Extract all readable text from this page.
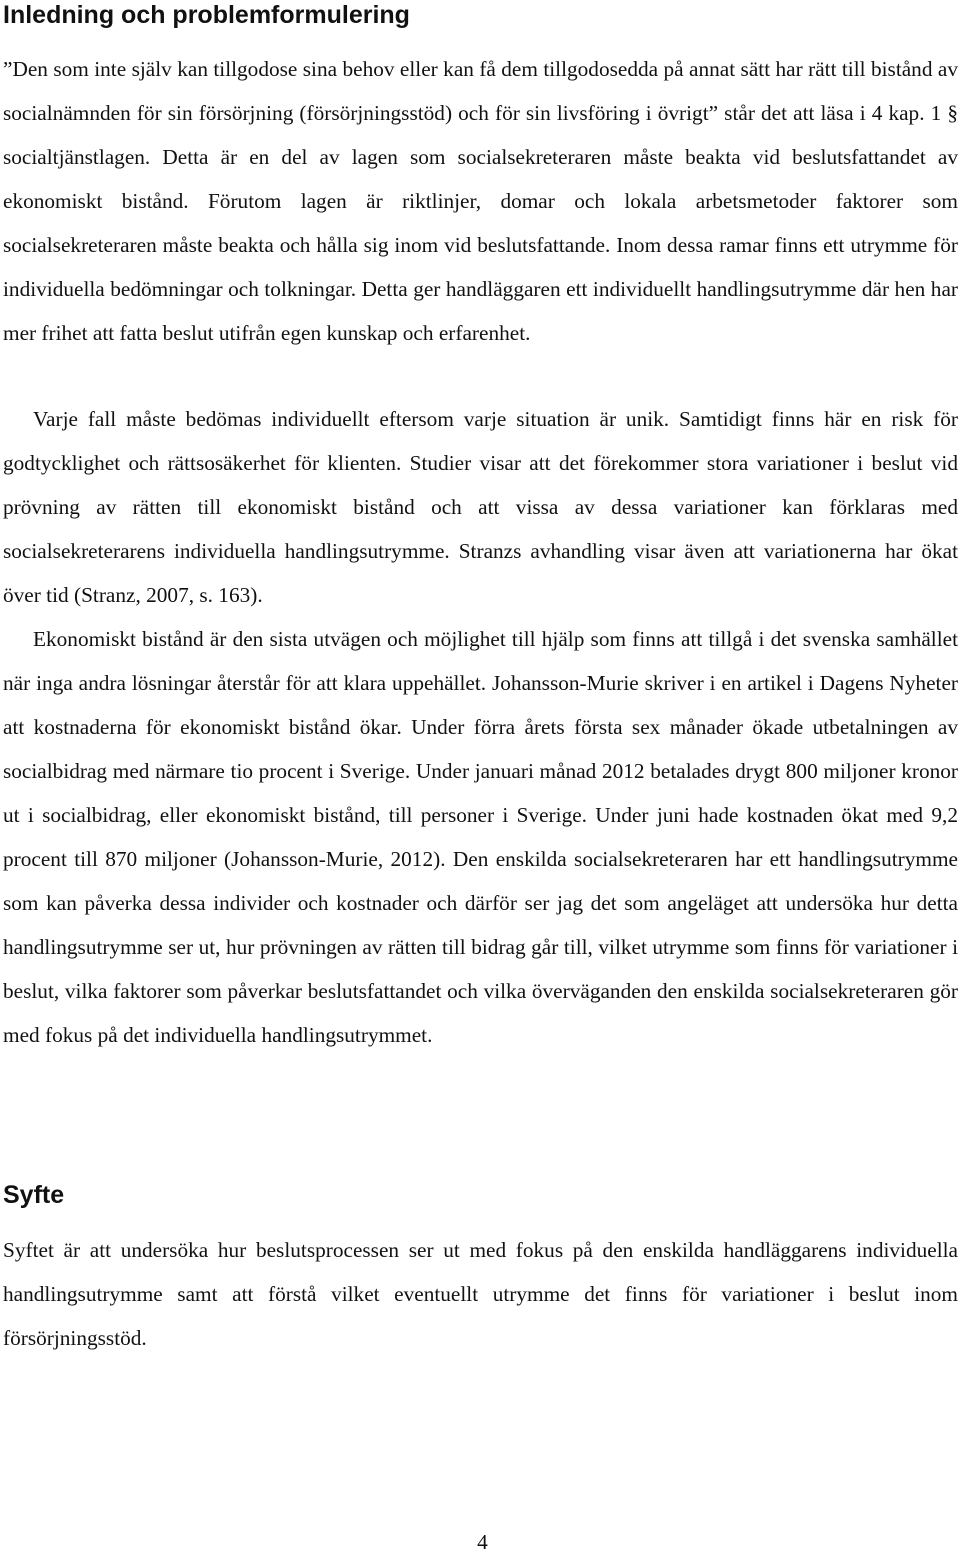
Inledning och problemformulering

”Den som inte själv kan tillgodose sina behov eller kan få dem tillgodosedda på annat sätt har rätt till bistånd av socialnämnden för sin försörjning (försörjningsstöd) och för sin livsföring i övrigt” står det att läsa i 4 kap. 1 § socialtjänstlagen. Detta är en del av lagen som socialsekreteraren måste beakta vid beslutsfattandet av ekonomiskt bistånd. Förutom lagen är riktlinjer, domar och lokala arbetsmetoder faktorer som socialsekreteraren måste beakta och hålla sig inom vid beslutsfattande. Inom dessa ramar finns ett utrymme för individuella bedömningar och tolkningar. Detta ger handläggaren ett individuellt handlingsutrymme där hen har mer frihet att fatta beslut utifrån egen kunskap och erfarenhet.

Varje fall måste bedömas individuellt eftersom varje situation är unik. Samtidigt finns här en risk för godtycklighet och rättsosäkerhet för klienten. Studier visar att det förekommer stora variationer i beslut vid prövning av rätten till ekonomiskt bistånd och att vissa av dessa variationer kan förklaras med socialsekreterarens individuella handlingsutrymme. Stranzs avhandling visar även att variationerna har ökat över tid (Stranz, 2007, s. 163).

Ekonomiskt bistånd är den sista utvägen och möjlighet till hjälp som finns att tillgå i det svenska samhället när inga andra lösningar återstår för att klara uppehället. Johansson-Murie skriver i en artikel i Dagens Nyheter att kostnaderna för ekonomiskt bistånd ökar. Under förra årets första sex månader ökade utbetalningen av socialbidrag med närmare tio procent i Sverige. Under januari månad 2012 betalades drygt 800 miljoner kronor ut i socialbidrag, eller ekonomiskt bistånd, till personer i Sverige. Under juni hade kostnaden ökat med 9,2 procent till 870 miljoner (Johansson-Murie, 2012). Den enskilda socialsekreteraren har ett handlingsutrymme som kan påverka dessa individer och kostnader och därför ser jag det som angeläget att undersöka hur detta handlingsutrymme ser ut, hur prövningen av rätten till bidrag går till, vilket utrymme som finns för variationer i beslut, vilka faktorer som påverkar beslutsfattandet och vilka överväganden den enskilda socialsekreteraren gör med fokus på det individuella handlingsutrymmet.

Syfte

Syftet är att undersöka hur beslutsprocessen ser ut med fokus på den enskilda handläggarens individuella handlingsutrymme samt att förstå vilket eventuellt utrymme det finns för variationer i beslut inom försörjningsstöd.

4
